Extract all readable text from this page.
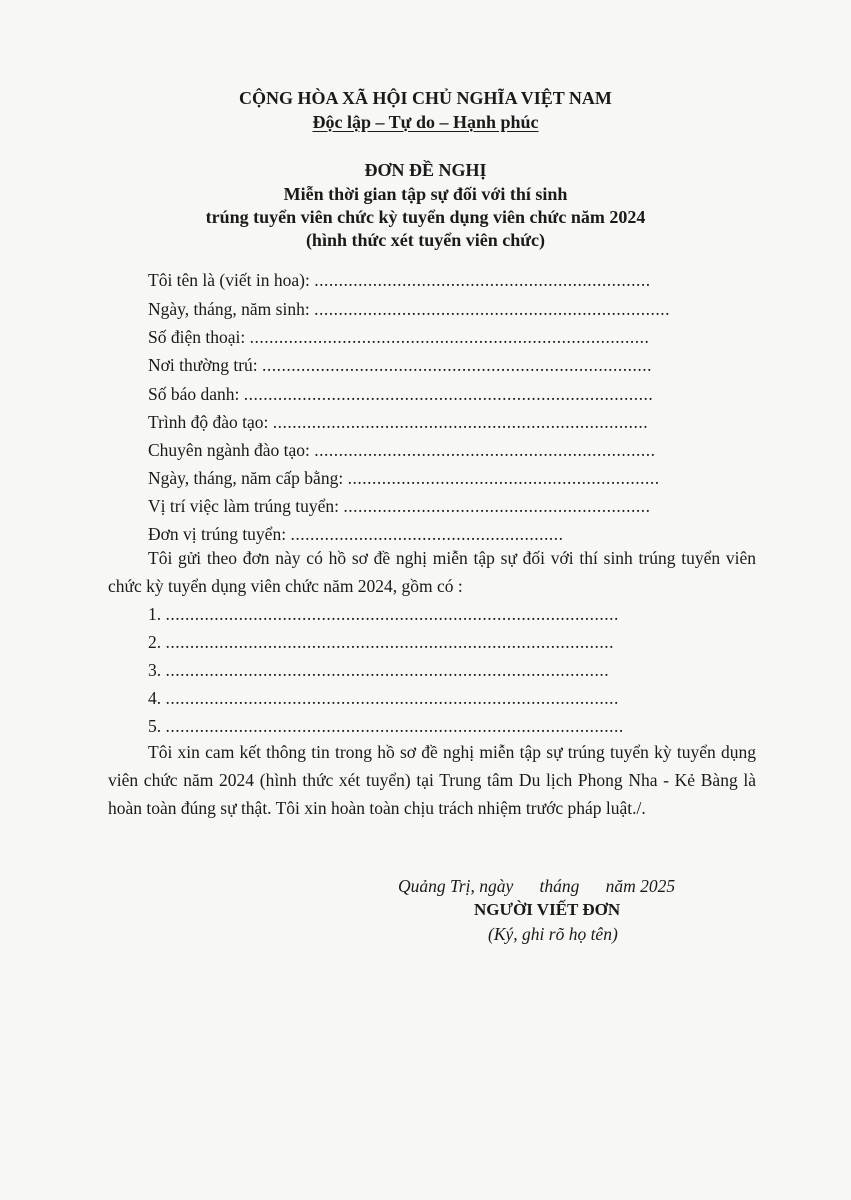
CỘNG HÒA XÃ HỘI CHỦ NGHĨA VIỆT NAM
Độc lập – Tự do – Hạnh phúc
ĐƠN ĐỀ NGHỊ
Miễn thời gian tập sự đối với thí sinh
trúng tuyển viên chức kỳ tuyển dụng viên chức năm 2024
(hình thức xét tuyển viên chức)
Tôi tên là (viết in hoa): .....................................................................
Ngày, tháng, năm sinh: .........................................................................
Số điện thoại: ..................................................................................
Nơi thường trú: ................................................................................
Số báo danh: ....................................................................................
Trình độ đào tạo: .............................................................................
Chuyên ngành đào tạo: ......................................................................
Ngày, tháng, năm cấp bằng: ................................................................
Vị trí việc làm trúng tuyển: ...............................................................
Đơn vị trúng tuyển: ........................................................
Tôi gửi theo đơn này có hồ sơ đề nghị miễn tập sự đối với thí sinh trúng tuyển viên chức kỳ tuyển dụng viên chức năm 2024, gồm có :
1. .............................................................................................
2. ............................................................................................
3. ...........................................................................................
4. .............................................................................................
5. ..............................................................................................
Tôi xin cam kết thông tin trong hồ sơ đề nghị miễn tập sự trúng tuyển kỳ tuyển dụng viên chức năm 2024 (hình thức xét tuyển) tại Trung tâm Du lịch Phong Nha - Kẻ Bàng là hoàn toàn đúng sự thật. Tôi xin hoàn toàn chịu trách nhiệm trước pháp luật./.
Quảng Trị, ngày      tháng      năm 2025
NGƯỜI VIẾT ĐƠN
(Ký, ghi rõ họ tên)
